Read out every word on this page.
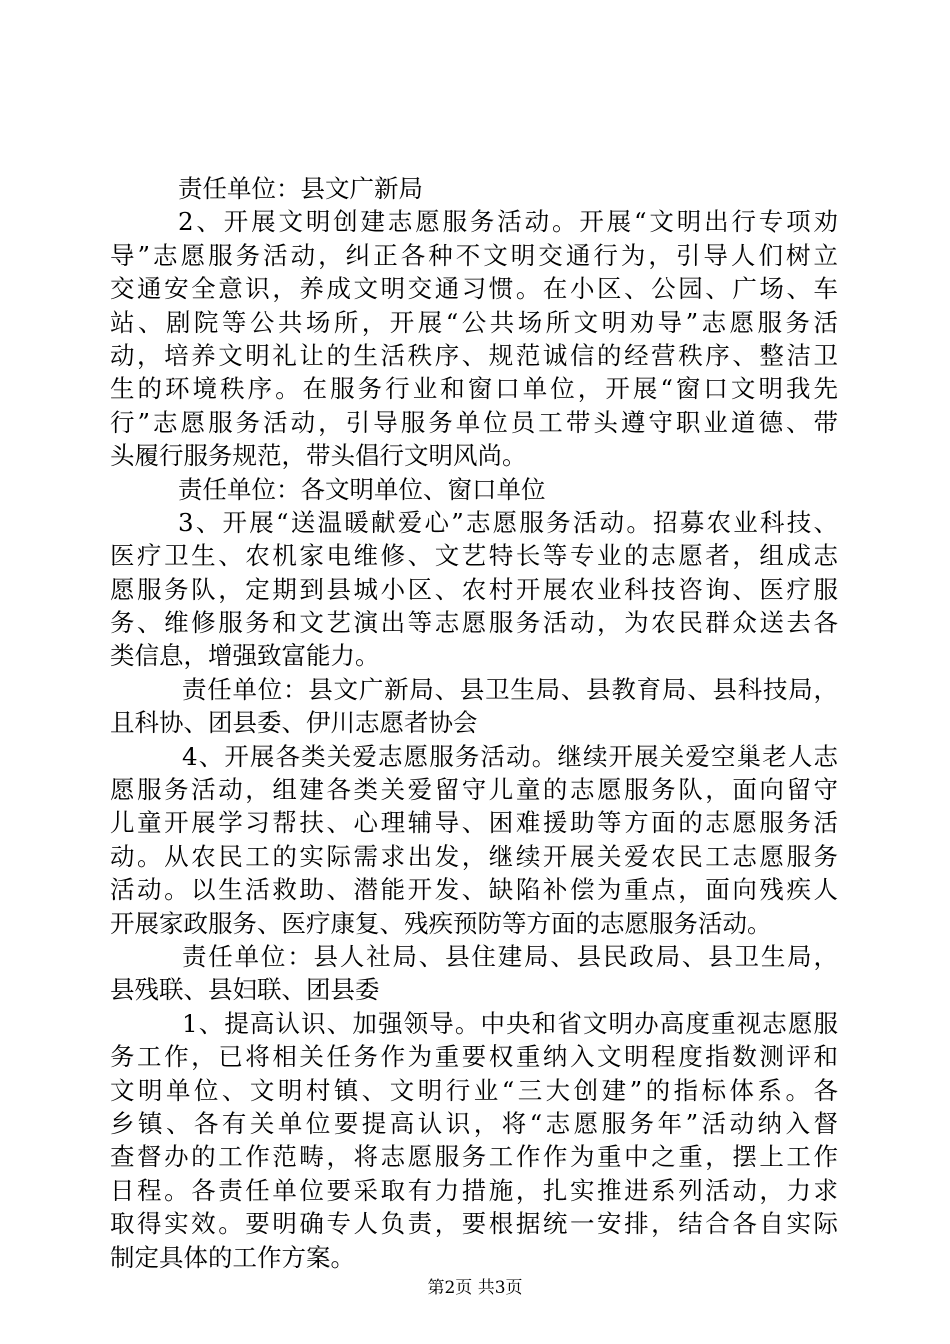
责任单位：县文广新局
2、开展文明创建志愿服务活动。开展“文明出行专项劝
导”志愿服务活动，纠正各种不文明交通行为，引导人们树立
交通安全意识，养成文明交通习惯。在小区、公园、广场、车
站、剧院等公共场所，开展“公共场所文明劝导”志愿服务活
动，培养文明礼让的生活秩序、规范诚信的经营秩序、整洁卫
生的环境秩序。在服务行业和窗口单位，开展“窗口文明我先
行”志愿服务活动，引导服务单位员工带头遵守职业道德、带
头履行服务规范，带头倡行文明风尚。
责任单位：各文明单位、窗口单位
3、开展“送温暖献爱心”志愿服务活动。招募农业科技、
医疗卫生、农机家电维修、文艺特长等专业的志愿者，组成志
愿服务队，定期到县城小区、农村开展农业科技咨询、医疗服
务、维修服务和文艺演出等志愿服务活动，为农民群众送去各
类信息，增强致富能力。
责任单位：县文广新局、县卫生局、县教育局、县科技局，
且科协、团县委、伊川志愿者协会
4、开展各类关爱志愿服务活动。继续开展关爱空巢老人志
愿服务活动，组建各类关爱留守儿童的志愿服务队，面向留守
儿童开展学习帮扶、心理辅导、困难援助等方面的志愿服务活
动。从农民工的实际需求出发，继续开展关爱农民工志愿服务
活动。以生活救助、潜能开发、缺陷补偿为重点，面向残疾人
开展家政服务、医疗康复、残疾预防等方面的志愿服务活动。
责任单位：县人社局、县住建局、县民政局、县卫生局，
县残联、县妇联、团县委
1、提高认识、加强领导。中央和省文明办高度重视志愿服
务工作，已将相关任务作为重要权重纳入文明程度指数测评和
文明单位、文明村镇、文明行业“三大创建”的指标体系。各
乡镇、各有关单位要提高认识，将“志愿服务年”活动纳入督
查督办的工作范畴，将志愿服务工作作为重中之重，摆上工作
日程。各责任单位要采取有力措施，扎实推进系列活动，力求
取得实效。要明确专人负责，要根据统一安排，结合各自实际
制定具体的工作方案。
第2页 共3页
